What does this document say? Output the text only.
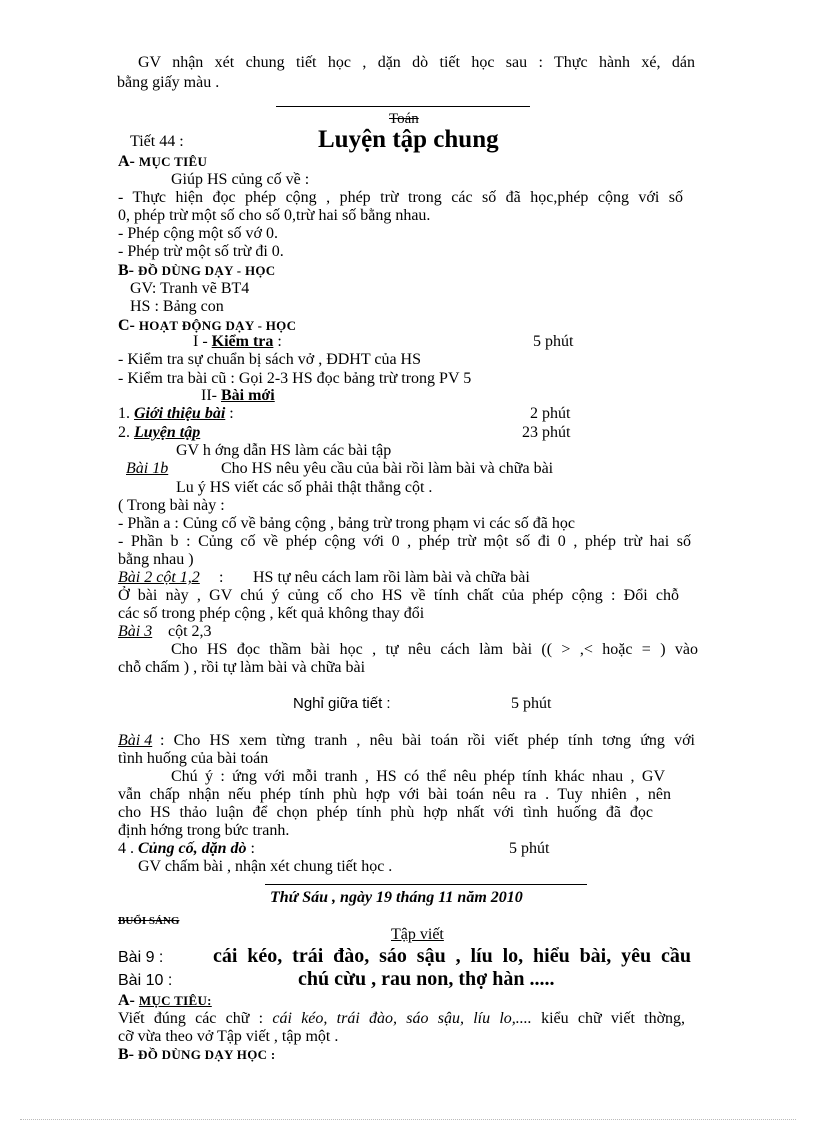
GV nhận xét chung tiết học , dặn dò tiết học sau : Thực hành xé, dán
bằng giấy màu .
Toán
Tiết 44 :	Luyện tập chung
A- MỤC TIÊU
Giúp HS củng cố về :
- Thực hiện đọc phép cộng , phép trừ trong các số đã học,phép cộng với số
0, phép trừ một số cho số 0,trừ hai số bằng nhau.
- Phép cộng một số vớ 0.
- Phép trừ một số trừ đi 0.
B- ĐỒ DÙNG DẠY - HỌC
GV: Tranh vẽ BT4
HS : Bảng con
C- HOẠT ĐỘNG DẠY - HỌC
I - Kiểm tra :	5 phút
- Kiểm tra sự chuẩn bị sách vở , ĐDHT của HS
- Kiểm tra bài cũ : Gọi 2-3 HS đọc bảng trừ trong PV 5
II- Bài mới
1. Giới thiệu bài :	2 phút
2. Luyện tập	23 phút
GV h ớng dẫn HS làm các bài tập
Bài 1b	Cho HS nêu yêu cầu của bài rồi làm bài và chữa bài
Lu ý HS viết các số phải thật thẳng cột .
( Trong bài này :
- Phần a : Củng cố về bảng cộng , bảng trừ trong phạm vi các số đã học
- Phần b : Củng cố về phép cộng với 0 , phép trừ một số đi 0 , phép trừ hai số
bằng nhau )
Bài 2 cột 1,2 : HS tự nêu cách lam rồi làm bài và chữa bài
Ở bài này , GV chú ý củng cố cho HS về tính chất của phép cộng : Đổi chỗ
các số trong phép cộng , kết quả không thay đổi
Bài 3 cột 2,3
Cho HS đọc thầm bài học , tự nêu cách làm bài (( > ,< hoặc = ) vào
chỗ chấm ) , rồi tự làm bài và chữa bài
Nghỉ giữa tiết :	5 phút
Bài 4 : Cho HS xem từng tranh , nêu bài toán rồi viết phép tính tơng ứng với
tình huống của bài toán
Chú ý : ứng với mỗi tranh , HS có thể nêu phép tính khác nhau , GV
vẫn chấp nhận nếu phép tính phù hợp với bài toán nêu ra . Tuy nhiên , nên
cho HS thảo luận để chọn phép tính phù hợp nhất với tình huống đã đọc
định hớng trong bức tranh.
4 . Củng cố, dặn dò :	5 phút
GV chấm bài , nhận xét chung tiết học .
Thứ Sáu , ngày 19 tháng 11 năm 2010
BUỔI SÁNG
Tập viết
Bài 9 : cái kéo, trái đào, sáo sậu , líu lo, hiểu bài, yêu cầu
Bài 10 :	chú cừu , rau non, thợ hàn .....
A- MỤC TIÊU:
Viết đúng các chữ : cái kéo, trái đào, sáo sậu, líu lo,.... kiểu chữ viết thờng,
cỡ vừa theo vở Tập viết , tập một .
B- ĐỒ DÙNG DẠY HỌC :
